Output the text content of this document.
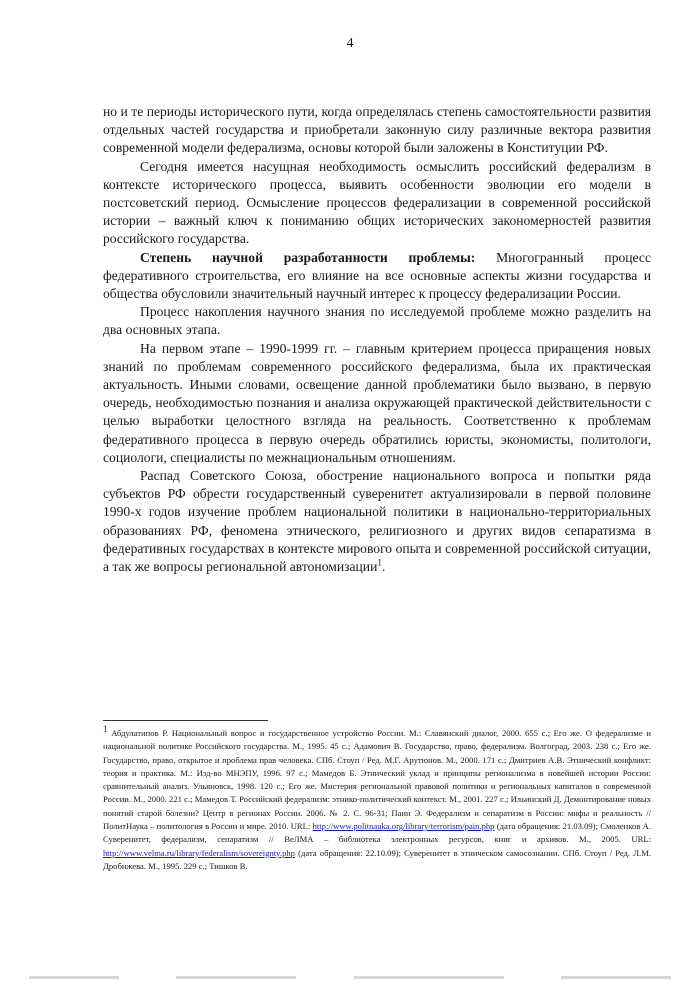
4

но и те периоды исторического пути, когда определялась степень самостоятельности развития отдельных частей государства и приобретали законную силу различные вектора развития современной модели федерализма, основы которой были заложены в Конституции РФ.

Сегодня имеется насущная необходимость осмыслить российский федерализм в контексте исторического процесса, выявить особенности эволюции его модели в постсоветский период. Осмысление процессов федерализации в современной российской истории – важный ключ к пониманию общих исторических закономерностей развития российского государства.

Степень научной разработанности проблемы: Многогранный процесс федеративного строительства, его влияние на все основные аспекты жизни государства и общества обусловили значительный научный интерес к процессу федерализации России.

Процесс накопления научного знания по исследуемой проблеме можно разделить на два основных этапа.

На первом этапе – 1990-1999 гг. – главным критерием процесса приращения новых знаний по проблемам современного российского федерализма, была их практическая актуальность. Иными словами, освещение данной проблематики было вызвано, в первую очередь, необходимостью познания и анализа окружающей практической действительности с целью выработки целостного взгляда на реальность. Соответственно к проблемам федеративного процесса в первую очередь обратились юристы, экономисты, политологи, социологи, специалисты по межнациональным отношениям.

Распад Советского Союза, обострение национального вопроса и попытки ряда субъектов РФ обрести государственный суверенитет актуализировали в первой половине 1990-х годов изучение проблем национальной политики в национально-территориальных образованиях РФ, феномена этнического, религиозного и других видов сепаратизма в федеративных государствах в контексте мирового опыта и современной российской ситуации, а так же вопросы региональной автономизации$^1$.

1 Абдулатипов Р. Национальный вопрос и государственное устройство России. М.: Славянский диалог, 2000. 655 с.; Его же. О федерализме и национальной политике Российского государства. М., 1995. 45 с.; Адамович В. Государство, право, федерализм. Волгоград, 2003. 238 с.; Его же. Государство, право, открытое и проблема прав человека. СПб. Стоуп / Ред. М.Г. Арутюнов. М., 2000. 171 с.; Дмитриев А.В. Этнический конфликт: теория и практика. М.: Изд-во МНЭПУ, 1996. 97 с.; Мамедов Б. Этнический уклад и принципы регионализма в новейшей истории России: сравнительный анализ. Ульяновск, 1998. 120 с.; Его же. Мистерия региональной правовой политики и региональных капиталов в современной России. М., 2000. 221 с.; Мамедов Т. Российский федерализм: этнико-политический контекст. М., 2001. 227 с.; Ильинский Д. Демонтирование новых понятий старой болезни? Центр в регионах России. 2006. № 2. С. 96-31; Паин Э. Федерализм и сепаратизм в России: мифы и реальность // ПолитНаука – политология в России и мире. 2010. URL: http://www.politnauka.org/library/terrorism/pain.php (дата обращения: 21.03.09); Смоленков А. Суверенитет, федерализм, сепаратизм // ВеЛМА – библиотека электронных ресурсов, книг и архивов. М., 2005. URL: http://www.velma.ru/library/federalism/sovereignty.php (дата обращения: 22.10.09); Суверенитет в этническом самосознании. СПб. Стоуп / Ред. Л.М. Дробижева. М., 1995. 229 с.; Тишков В.
